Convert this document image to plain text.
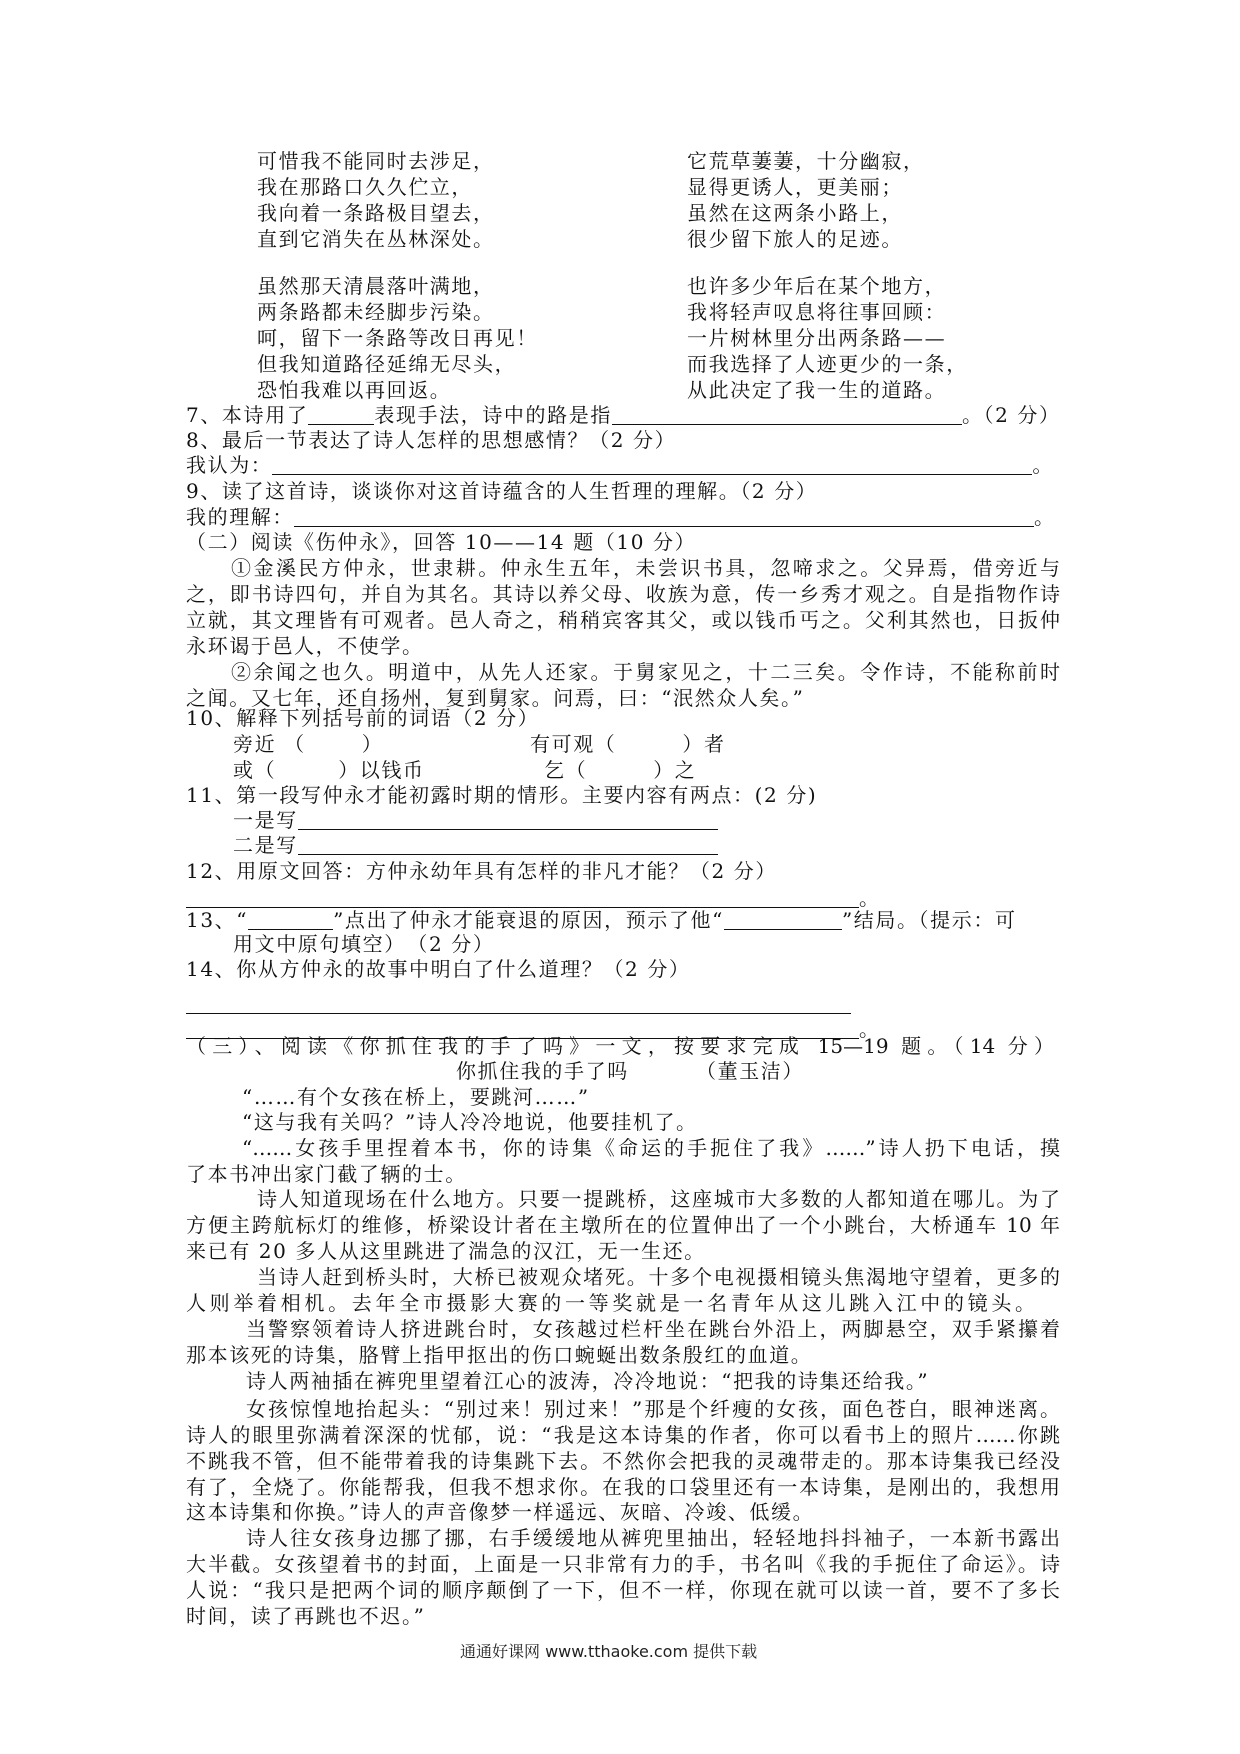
可惜我不能同时去涉足，
我在那路口久久伫立，
我向着一条路极目望去，
直到它消失在丛林深处。
它荒草萋萋，十分幽寂，
显得更诱人，更美丽；
虽然在这两条小路上，
很少留下旅人的足迹。
虽然那天清晨落叶满地，
两条路都未经脚步污染。
呵，留下一条路等改日再见！
但我知道路径延绵无尽头，
恐怕我难以再回返。
也许多少年后在某个地方，
我将轻声叹息将往事回顾：
一片树林里分出两条路——
而我选择了人迹更少的一条，
从此决定了我一生的道路。
7、本诗用了	表现手法，诗中的路是指	。（2 分）
8、最后一节表达了诗人怎样的思想感情？（2 分）
我认为：	。
9、读了这首诗，谈谈你对这首诗蕴含的人生哲理的理解。（2 分）
我的理解：	。
（二）阅读《伤仲永》，回答 10——14 题（10 分）
①金溪民方仲永，世隶耕。仲永生五年，未尝识书具，忽啼求之。父异焉，借旁近与
之，即书诗四句，并自为其名。其诗以养父母、收族为意，传一乡秀才观之。自是指物作诗
立就，其文理皆有可观者。邑人奇之，稍稍宾客其父，或以钱币丐之。父利其然也，日扳仲
永环谒于邑人，不使学。
②余闻之也久。明道中，从先人还家。于舅家见之，十二三矣。令作诗，不能称前时
之闻。又七年，还自扬州，复到舅家。问焉，曰：“泯然众人矣。”
10、解释下列括号前的词语（2 分）
旁近 （	）	有可观（	）者
或（	）以钱币	乞（	）之
11、第一段写仲永才能初露时期的情形。主要内容有两点：(2 分)
一是写
二是写
12、用原文回答：方仲永幼年具有怎样的非凡才能？（2 分）
。
13、“	”点出了仲永才能衰退的原因，预示了他“	”结局。（提示：可
用文中原句填空）　（2 分）
14、你从方仲永的故事中明白了什么道理？（2 分）
。
（三）、阅读《你抓住我的手了吗》一文，按要求完成 15—19 题。（14 分）
你抓住我的手了吗	（董玉洁）
“……有个女孩在桥上，要跳河……”
“这与我有关吗？”诗人冷冷地说，他要挂机了。
“……女孩手里捏着本书，你的诗集《命运的手扼住了我》……”诗人扔下电话，摸
了本书冲出家门截了辆的士。
诗人知道现场在什么地方。只要一提跳桥，这座城市大多数的人都知道在哪儿。为了
方便主跨航标灯的维修，桥梁设计者在主墩所在的位置伸出了一个小跳台，大桥通车 10 年
来已有 20 多人从这里跳进了湍急的汉江，无一生还。
当诗人赶到桥头时，大桥已被观众堵死。十多个电视摄相镜头焦渴地守望着，更多的
人则举着相机。去年全市摄影大赛的一等奖就是一名青年从这儿跳入江中的镜头。
当警察领着诗人挤进跳台时，女孩越过栏杆坐在跳台外沿上，两脚悬空，双手紧攥着
那本该死的诗集，胳臂上指甲抠出的伤口蜿蜒出数条殷红的血道。
诗人两袖插在裤兜里望着江心的波涛，冷冷地说：“把我的诗集还给我。”
女孩惊惶地抬起头：“别过来！别过来！”那是个纤瘦的女孩，面色苍白，眼神迷离。
诗人的眼里弥满着深深的忧郁，说：“我是这本诗集的作者，你可以看书上的照片……你跳
不跳我不管，但不能带着我的诗集跳下去。不然你会把我的灵魂带走的。那本诗集我已经没
有了，全烧了。你能帮我，但我不想求你。在我的口袋里还有一本诗集，是刚出的，我想用
这本诗集和你换。”诗人的声音像梦一样遥远、灰暗、冷竣、低缓。
诗人往女孩身边挪了挪，右手缓缓地从裤兜里抽出，轻轻地抖抖袖子，一本新书露出
大半截。女孩望着书的封面，上面是一只非常有力的手，书名叫《我的手扼住了命运》。诗
人说：“我只是把两个词的顺序颠倒了一下，但不一样，你现在就可以读一首，要不了多长
时间，读了再跳也不迟。”
通通好课网 www.tthaoke.com 提供下载
